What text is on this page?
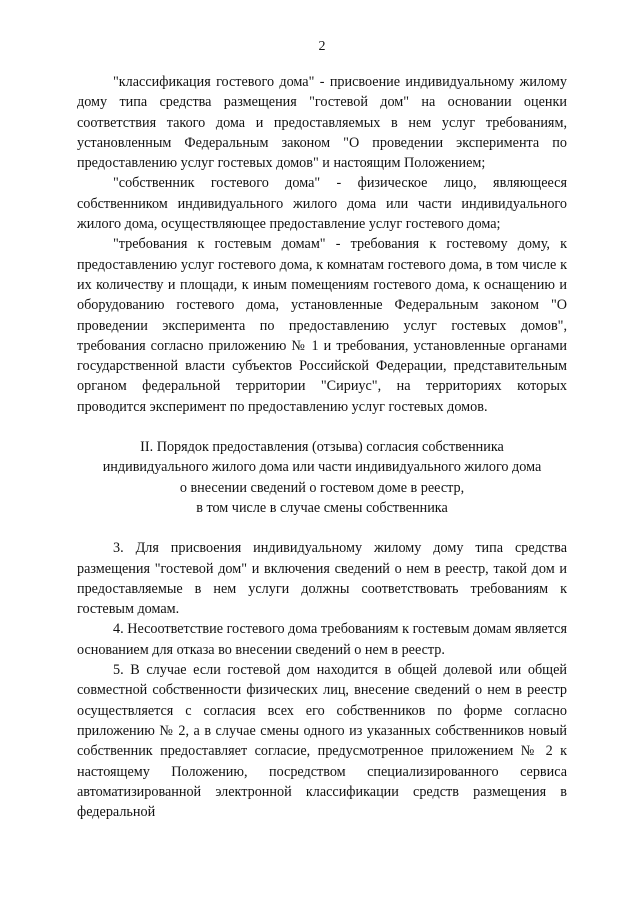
2

"классификация гостевого дома" - присвоение индивидуальному жилому дому типа средства размещения "гостевой дом" на основании оценки соответствия такого дома и предоставляемых в нем услуг требованиям, установленным Федеральным законом "О проведении эксперимента по предоставлению услуг гостевых домов" и настоящим Положением;

"собственник гостевого дома" - физическое лицо, являющееся собственником индивидуального жилого дома или части индивидуального жилого дома, осуществляющее предоставление услуг гостевого дома;

"требования к гостевым домам" - требования к гостевому дому, к предоставлению услуг гостевого дома, к комнатам гостевого дома, в том числе к их количеству и площади, к иным помещениям гостевого дома, к оснащению и оборудованию гостевого дома, установленные Федеральным законом "О проведении эксперимента по предоставлению услуг гостевых домов", требования согласно приложению № 1 и требования, установленные органами государственной власти субъектов Российской Федерации, представительным органом федеральной территории "Сириус", на территориях которых проводится эксперимент по предоставлению услуг гостевых домов.

II. Порядок предоставления (отзыва) согласия собственника
индивидуального жилого дома или части индивидуального жилого дома
о внесении сведений о гостевом доме в реестр,
в том числе в случае смены собственника

3. Для присвоения индивидуальному жилому дому типа средства размещения "гостевой дом" и включения сведений о нем в реестр, такой дом и предоставляемые в нем услуги должны соответствовать требованиям к гостевым домам.

4. Несоответствие гостевого дома требованиям к гостевым домам является основанием для отказа во внесении сведений о нем в реестр.

5. В случае если гостевой дом находится в общей долевой или общей совместной собственности физических лиц, внесение сведений о нем в реестр осуществляется с согласия всех его собственников по форме согласно приложению № 2, а в случае смены одного из указанных собственников новый собственник предоставляет согласие, предусмотренное приложением № 2 к настоящему Положению, посредством специализированного сервиса автоматизированной электронной классификации средств размещения в федеральной
